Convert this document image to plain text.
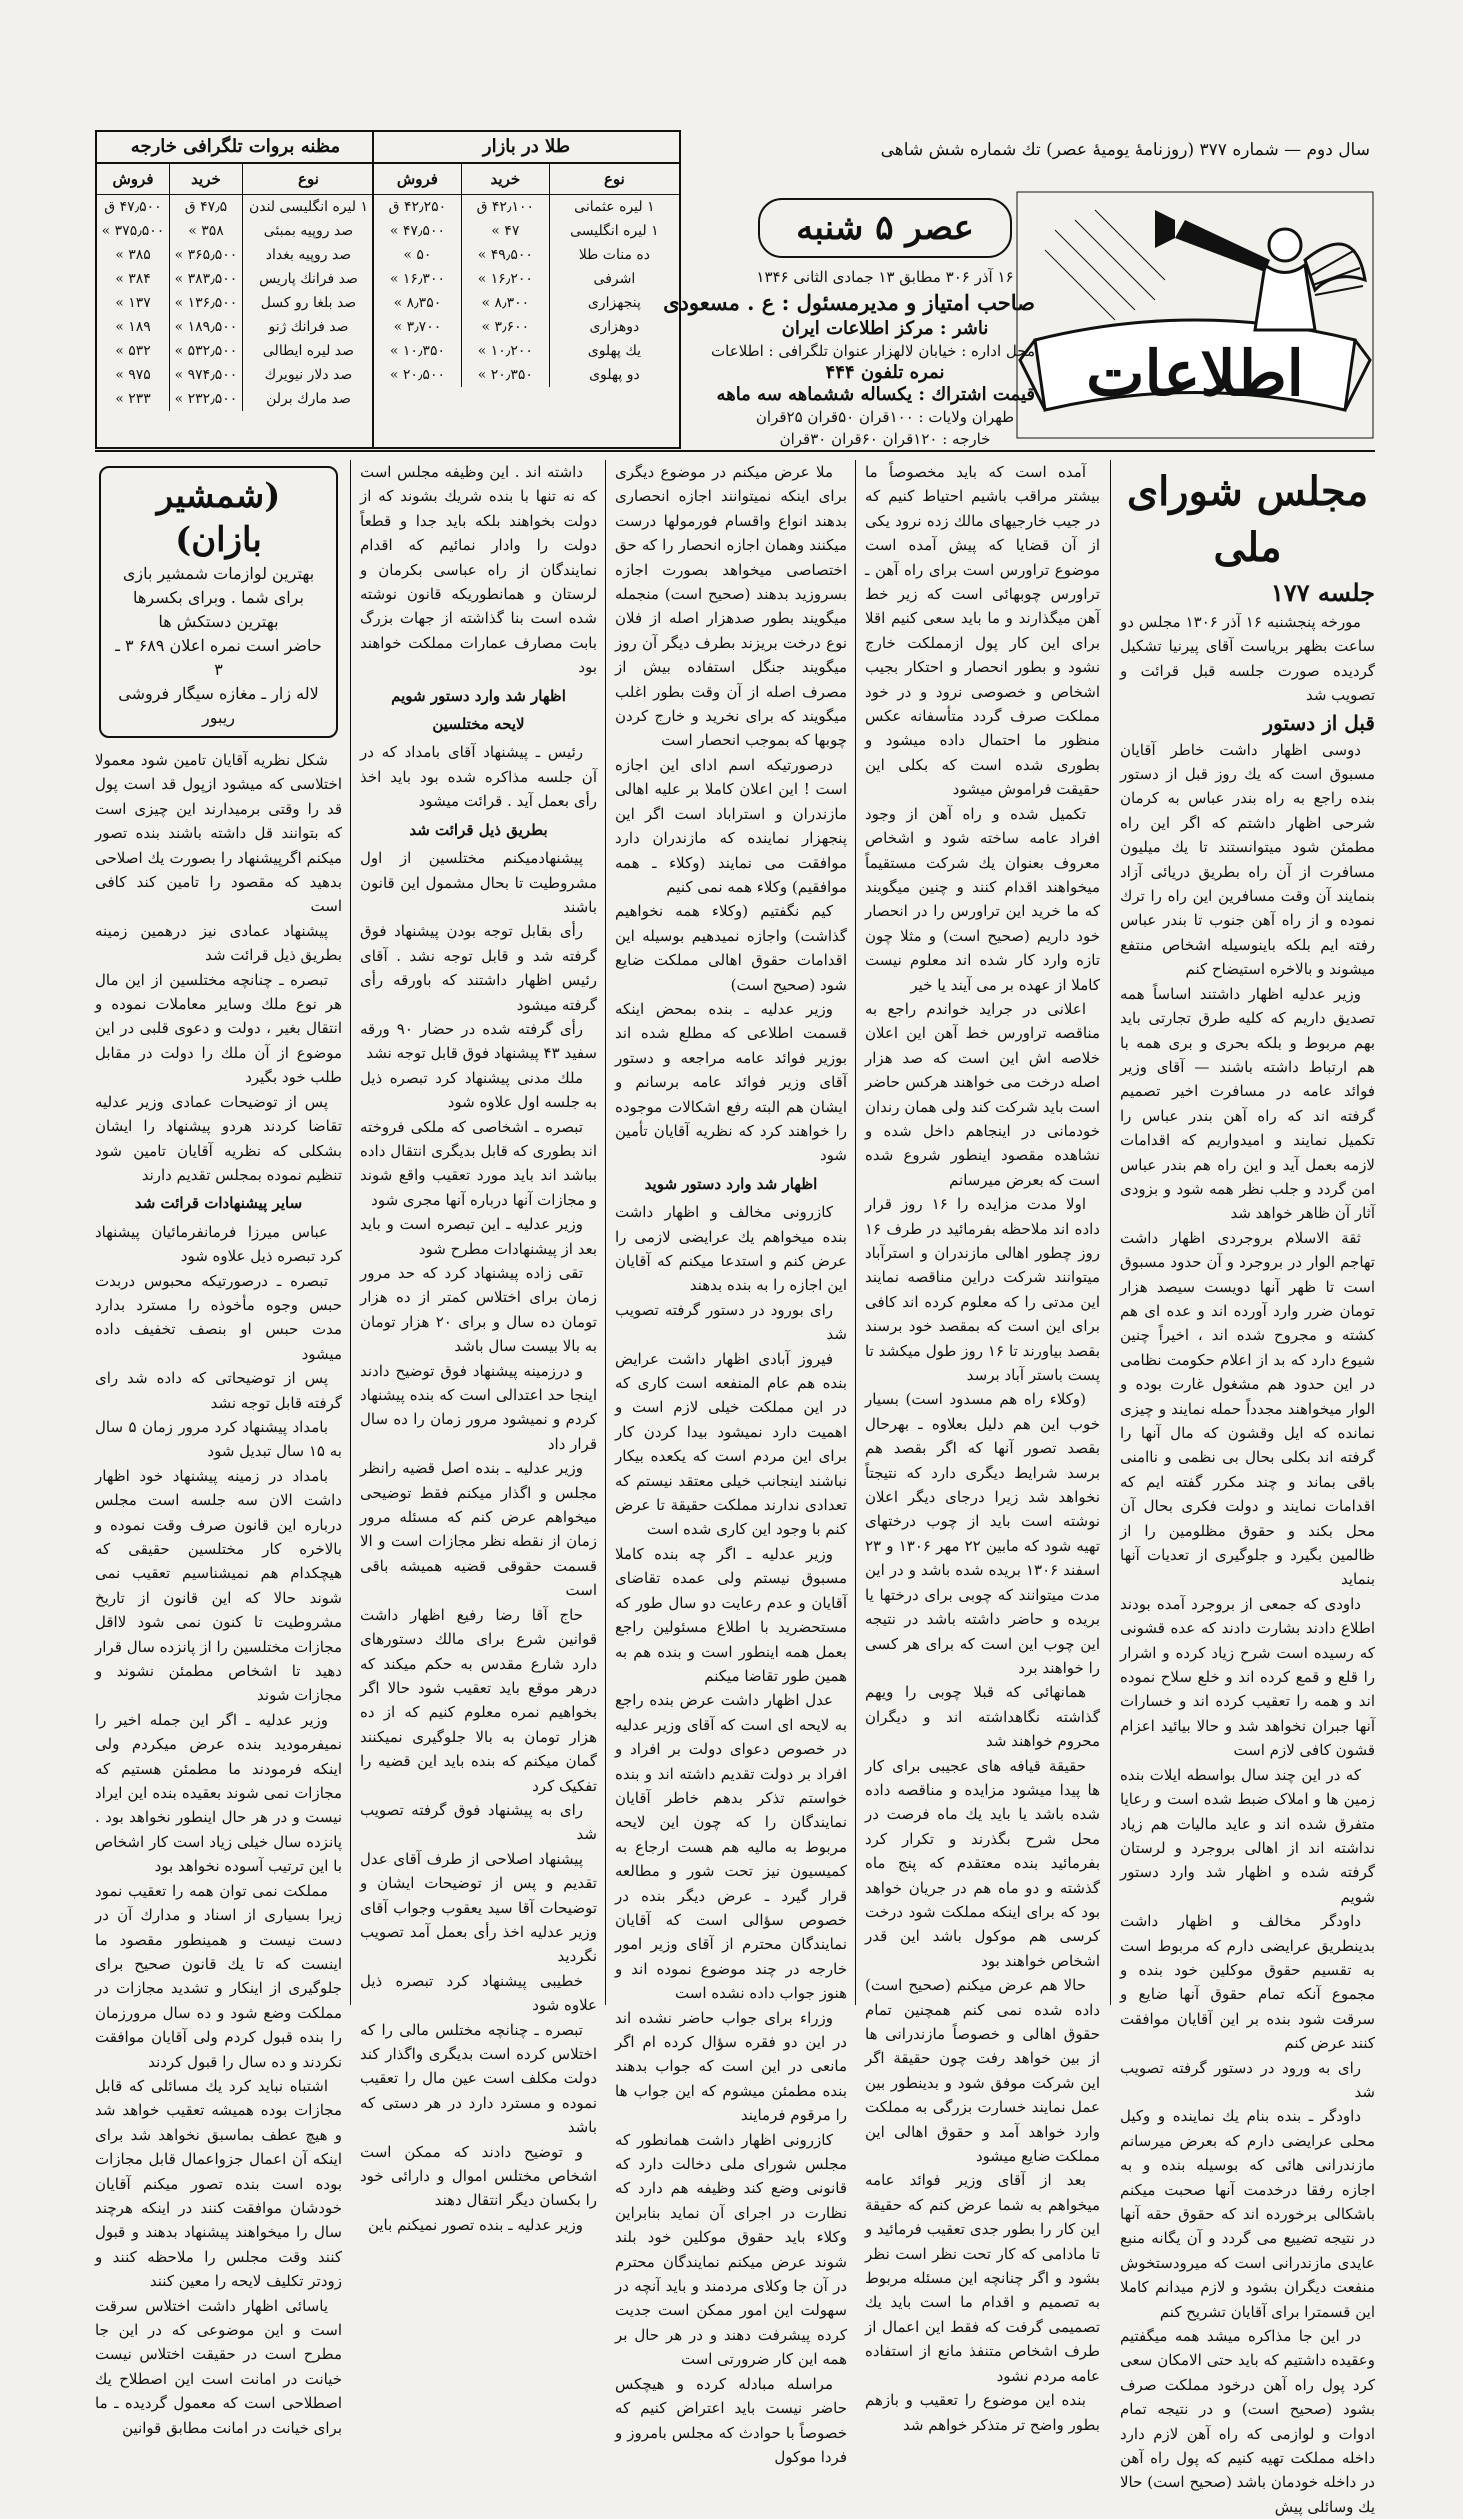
سال دوم — شماره ۳۷۷ (روزنامهٔ یومیهٔ عصر) تك شماره شش شاهی
اطلاعات
عصر ۵ شنبه
۱۶ آذر ۳۰۶ مطابق ۱۳ جمادی الثانی ۱۳۴۶
صاحب امتیاز و مدیرمسئول : ع . مسعودی
ناشر : مرکز اطلاعات ایران
محل اداره : خیابان لالهزار عنوان تلگرافی : اطلاعات
نمره تلفون ۴۴۴
قیمت اشتراك : یکساله ششماهه سه ماهه
طهران ولایات : ۱۰۰قران ۵۰قران ۲۵قران
خارجه : ۱۲۰قران ۶۰قران ۳۰قران
طلا در بازار
نوع	خرید	فروش
۱ لیره عثمانی	۴۲٫۱۰۰ ق	۴۲٫۲۵۰ ق
۱ لیره انگلیسی	۴۷ »	۴۷٫۵۰۰ »
ده منات طلا	۴۹٫۵۰۰ »	۵۰ »
اشرفی	۱۶٫۲۰۰ »	۱۶٫۳۰۰ »
پنجهزاری	۸٫۳۰۰ »	۸٫۳۵۰ »
دوهزاری	۳٫۶۰۰ »	۳٫۷۰۰ »
یك پهلوی	۱۰٫۲۰۰ »	۱۰٫۳۵۰ »
دو پهلوی	۲۰٫۳۵۰ »	۲۰٫۵۰۰ »
مظنه بروات تلگرافی خارجه
نوع	خرید	فروش
۱ لیره انگلیسی لندن	۴۷٫۵ ق	۴۷٫۵۰۰ ق
صد روپیه بمبئی	۳۵۸ »	۳۷۵٫۵۰۰ »
صد روپیه بغداد	۳۶۵٫۵۰۰ »	۳۸۵ »
صد فرانك پاریس	۳۸۳٫۵۰۰ »	۳۸۴ »
صد بلغا رو کسل	۱۳۶٫۵۰۰ »	۱۳۷ »
صد فرانك ژنو	۱۸۹٫۵۰۰ »	۱۸۹ »
صد لیره ایطالی	۵۳۲٫۵۰۰ »	۵۳۲ »
صد دلار نیویرك	۹۷۴٫۵۰۰ »	۹۷۵ »
صد مارك برلن	۲۳۲٫۵۰۰ »	۲۳۳ »
مجلس شورای ملی
جلسه ۱۷۷

مورخه پنجشنبه ۱۶ آذر ۱۳۰۶ مجلس دو ساعت بظهر بریاست آقای پیرنیا تشکیل گردیده صورت جلسه قبل قرائت و تصویب شد

قبل از دستور

دوسی اظهار داشت خاطر آقایان مسبوق است که یك روز قبل از دستور بنده راجع به راه بندر عباس به کرمان شرحی اظهار داشتم که اگر این راه مطمئن شود میتوانستند تا یك میلیون مسافرت از آن راه بطریق دریائی آزاد بنمایند آن وقت مسافرین این راه را ترك نموده و از راه آهن جنوب تا بندر عباس رفته ایم بلکه باینوسیله اشخاص منتفع میشوند و بالاخره استیضاح کنم

وزیر عدلیه اظهار داشتند اساساً همه تصدیق داریم که کلیه طرق تجارتی باید بهم مربوط و بلکه بحری و بری همه با هم ارتباط داشته باشند — آقای وزیر فوائد عامه در مسافرت اخیر تصمیم گرفته اند که راه آهن بندر عباس را تکمیل نمایند و امیدواریم که اقدامات لازمه بعمل آید و این راه هم بندر عباس امن گردد و جلب نظر همه شود و بزودی آثار آن ظاهر خواهد شد

ثقة الاسلام بروجردی اظهار داشت تهاجم الوار در بروجرد و آن حدود مسبوق است تا ظهر آنها دویست سیصد هزار تومان ضرر وارد آورده اند و عده ای هم کشته و مجروح شده اند ، اخیراً چنین شیوع دارد که بد از اعلام حکومت نظامی در این حدود هم مشغول غارت بوده و الوار میخواهند مجدداً حمله نمایند و چیزی نمانده که ایل وقشون که مال آنها را گرفته اند بکلی بحال بی نظمی و ناامنی باقی بماند و چند مکرر گفته ایم که اقدامات نمایند و دولت فکری بحال آن محل بکند و حقوق مظلومین را از ظالمین بگیرد و جلوگیری از تعدیات آنها بنماید

داودی که جمعی از بروجرد آمده بودند اطلاع دادند بشارت دادند که عده قشونی که رسیده است شرح زیاد کرده و اشرار را قلع و قمع کرده اند و خلع سلاح نموده اند و همه را تعقیب کرده اند و خسارات آنها جبران نخواهد شد و حالا بیائید اعزام قشون کافی لازم است

که در این چند سال بواسطه ایلات بنده زمین ها و املاک ضبط شده است و رعایا متفرق شده اند و عاید مالیات هم زیاد نداشته اند از اهالی بروجرد و لرستان گرفته شده و اظهار شد وارد دستور شویم

داودگر مخالف و اظهار داشت بدینطریق عرایضی دارم که مربوط است به تقسیم حقوق موکلین خود بنده و مجموع آنکه تمام حقوق آنها ضایع و سرقت شود بنده بر این آقایان موافقت کنند عرض کنم

رای به ورود در دستور گرفته تصویب شد

داودگر ـ بنده بنام یك نماینده و وکیل محلی عرایضی دارم که بعرض میرسانم مازندرانی هائی که بوسیله بنده و به اجازه رفقا درخدمت آنها صحبت میکنم باشکالی برخورده اند که حقوق حقه آنها در نتیجه تضییع می گردد و آن یگانه منبع عایدی مازندرانی است که میرودستخوش منفعت دیگران بشود و لازم میدانم کاملا این قسمترا برای آقایان تشریح کنم

در این جا مذاکره میشد همه میگفتیم وعقیده داشتیم که باید حتی الامکان سعی کرد پول راه آهن درخود مملکت صرف بشود (صحیح است) و در نتیجه تمام ادوات و لوازمی که راه آهن لازم دارد داخله مملکت تهیه کنیم که پول راه آهن در داخله خودمان باشد (صحیح است) حالا یك وسائلی پیش

آمده است که باید مخصوصاً ما بیشتر مراقب باشیم احتیاط کنیم که در جیب خارجیهای مالك زده نرود یکی از آن قضایا که پیش آمده است موضوع تراورس است برای راه آهن ـ تراورس چوبهائی است که زیر خط آهن میگذارند و ما باید سعی کنیم اقلا برای این کار پول ازمملکت خارج نشود و بطور انحصار و احتکار بجیب اشخاص و خصوصی نرود و در خود مملکت صرف گردد متأسفانه عکس منظور ما احتمال داده میشود و بطوری شده است که بکلی این حقیقت فراموش میشود

تکمیل شده و راه آهن از وجود افراد عامه ساخته شود و اشخاص معروف بعنوان یك شرکت مستقیماً میخواهند اقدام کنند و چنین میگویند که ما خرید این تراورس را در انحصار خود داریم (صحیح است) و مثلا چون تازه وارد کار شده اند معلوم نیست کاملا از عهده بر می آیند یا خیر

اعلانی در جراید خواندم راجع به مناقصه تراورس خط آهن این اعلان خلاصه اش این است که صد هزار اصله درخت می خواهند هرکس حاضر است باید شرکت کند ولی همان رندان خودمانی در اینجاهم داخل شده و نشاهده مقصود اینطور شروع شده است که بعرض میرسانم

اولا مدت مزایده را ۱۶ روز قرار داده اند ملاحظه بفرمائید در طرف ۱۶ روز چطور اهالی مازندران و استرآباد میتوانند شرکت دراین مناقصه نمایند این مدتی را که معلوم کرده اند کافی برای این است که بمقصد خود برسند بقصد بیاورند تا ۱۶ روز طول میکشد تا پست باستر آباد برسد

(وکلاء راه هم مسدود است) بسیار خوب این هم دلیل بعلاوه ـ بهرحال بقصد تصور آنها که اگر بقصد هم برسد شرایط دیگری دارد که نتیجتاً نخواهد شد زیرا درجای دیگر اعلان نوشته است باید از چوب درختهای تهیه شود که مابین ۲۲ مهر ۱۳۰۶ و ۲۳ اسفند ۱۳۰۶ بریده شده باشد و در این مدت میتوانند که چوبی برای درختها یا بریده و حاضر داشته باشد در نتیجه این چوب این است که برای هر کسی را خواهند برد

همانهائی که قبلا چوبی را ویهم گذاشته نگاهداشته اند و دیگران محروم خواهند شد

حقیقة قیافه های عجیبی برای کار ها پیدا میشود مزایده و مناقصه داده شده باشد یا باید یك ماه فرصت در محل شرح بگذرند و تکرار کرد بفرمائید بنده معتقدم که پنج ماه گذشته و دو ماه هم در جریان خواهد بود که برای اینکه مملکت شود درخت کرسی هم موکول باشد این قدر اشخاص خواهند بود

حالا هم عرض میکنم (صحیح است) داده شده نمی کنم همچنین تمام حقوق اهالی و خصوصاً مازندرانی ها از بین خواهد رفت چون حقیقة اگر این شرکت موفق شود و بدینطور بین عمل نمایند خسارت بزرگی به مملکت وارد خواهد آمد و حقوق اهالی این مملکت ضایع میشود

بعد از آقای وزیر فوائد عامه میخواهم به شما عرض کنم که حقیقة این کار را بطور جدی تعقیب فرمائید و تا مادامی که کار تحت نظر است نظر بشود و اگر چنانچه این مسئله مربوط به تصمیم و اقدام ما است باید یك تصمیمی گرفت که فقط این اعمال از طرف اشخاص متنفذ مانع از استفاده عامه مردم نشود

بنده این موضوع را تعقیب و بازهم بطور واضح تر متذکر خواهم شد

ملا عرض میکنم در موضوع دیگری برای اینکه نمیتوانند اجازه انحصاری بدهند انواع واقسام فورمولها درست میکنند وهمان اجازه انحصار را که حق اختصاصی میخواهد بصورت اجازه بسروزید بدهند (صحیح است) منجمله میگویند بطور صدهزار اصله از فلان نوع درخت بریزند بطرف دیگر آن روز میگویند جنگل استفاده بیش از مصرف اصله از آن وقت بطور اغلب میگویند که برای نخرید و خارج کردن چوبها که بموجب انحصار است

درصورتیکه اسم ادای این اجازه است ! این اعلان کاملا بر علیه اهالی مازندران و استراباد است اگر این پنجهزار نماینده که مازندران دارد موافقت می نمایند (وکلاء ـ همه موافقیم) وکلاء همه نمی کنیم

کیم نگفتیم (وکلاء همه نخواهیم گذاشت) واجازه نمیدهیم بوسیله این اقدامات حقوق اهالی مملکت ضایع شود (صحیح است)

وزیر عدلیه ـ بنده بمحض اینکه قسمت اطلاعی که مطلع شده اند بوزیر فوائد عامه مراجعه و دستور آقای وزیر فوائد عامه برسانم و ایشان هم البته رفع اشکالات موجوده را خواهند کرد که نظریه آقایان تأمین شود

اظهار شد وارد دستور شوید

کازرونی مخالف و اظهار داشت بنده میخواهم یك عرایضی لازمی را عرض کنم و استدعا میکنم که آقایان این اجازه را به بنده بدهند

رای بورود در دستور گرفته تصویب شد

فیروز آبادی اظهار داشت عرایض بنده هم عام المنفعه است کاری که در این مملکت خیلی لازم است و اهمیت دارد نمیشود بیدا کردن کار برای این مردم است که یکعده بیکار نباشند اینجانب خیلی معتقد نیستم که تعدادی ندارند مملکت حقیقة تا عرض کنم با وجود این کاری شده است

وزیر عدلیه ـ اگر چه بنده کاملا مسبوق نیستم ولی عمده تقاضای آقایان و عدم رعایت دو سال طور که مستحضرید با اطلاع مسئولین راجع بعمل همه اینطور است و بنده هم به همین طور تقاضا میکنم

عدل اظهار داشت عرض بنده راجع به لایحه ای است که آقای وزیر عدلیه در خصوص دعوای دولت بر افراد و افراد بر دولت تقدیم داشته اند و بنده خواستم تذکر بدهم خاطر آقایان نمایندگان را که چون این لایحه مربوط به مالیه هم هست ارجاع به کمیسیون نیز تحت شور و مطالعه قرار گیرد ـ عرض دیگر بنده در خصوص سؤالی است که آقایان نمایندگان محترم از آقای وزیر امور خارجه در چند موضوع نموده اند و هنوز جواب داده نشده است

وزراء برای جواب حاضر نشده اند در این دو فقره سؤال کرده ام اگر مانعی در این است که جواب بدهند بنده مطمئن میشوم که این جواب ها را مرقوم فرمایند

کازرونی اظهار داشت همانطور که مجلس شورای ملی دخالت دارد که قانونی وضع کند وظیفه هم دارد که نظارت در اجرای آن نماید بنابراین وکلاء باید حقوق موکلین خود بلند شوند عرض میکنم نمایندگان محترم در آن جا وکلای مردمند و باید آنچه در سهولت این امور ممکن است جدیت کرده پیشرفت دهند و در هر حال بر همه این کار ضرورتی است

مراسله مبادله کرده و هیچکس حاضر نیست باید اعتراض کنیم که خصوصاً با حوادث که مجلس بامروز و فردا موکول

داشته اند . این وظیفه مجلس است که نه تنها با بنده شریك بشوند که از دولت بخواهند بلکه باید جدا و قطعاً دولت را وادار نمائیم که اقدام نمایندگان از راه عباسی بکرمان و لرستان و همانطوریکه قانون نوشته شده است بنا گذاشته از جهات بزرگ بابت مصارف عمارات مملکت خواهند بود

اظهار شد وارد دستور شویم

لایحه مختلسین

رئیس ـ پیشنهاد آقای بامداد که در آن جلسه مذاکره شده بود باید اخذ رأی بعمل آید . قرائت میشود

بطریق ذیل قرائت شد

پیشنهادمیکنم مختلسین از اول مشروطیت تا بحال مشمول این قانون باشند

رأی بقابل توجه بودن پیشنهاد فوق گرفته شد و قابل توجه نشد . آقای رئیس اظهار داشتند که باورقه رأی گرفته میشود

رأی گرفته شده در حضار ۹۰ ورقه سفید ۴۳ پیشنهاد فوق قابل توجه نشد

ملك مدنی پیشنهاد کرد تبصره ذیل به جلسه اول علاوه شود

تبصره ـ اشخاصی که ملکی فروخته اند بطوری که قابل بدیگری انتقال داده بباشد اند باید مورد تعقیب واقع شوند و مجازات آنها درباره آنها مجری شود

وزیر عدلیه ـ این تبصره است و باید بعد از پیشنهادات مطرح شود

تقی زاده پیشنهاد کرد که حد مرور زمان برای اختلاس کمتر از ده هزار تومان ده سال و برای ۲۰ هزار تومان به بالا بیست سال باشد

و درزمینه پیشنهاد فوق توضیح دادند اینجا حد اعتدالی است که بنده پیشنهاد کردم و نمیشود مرور زمان را ده سال قرار داد

وزیر عدلیه ـ بنده اصل قضیه رانظر مجلس و اگذار میکنم فقط توضیحی میخواهم عرض کنم که مسئله مرور زمان از نقطه نظر مجازات است و الا قسمت حقوقی قضیه همیشه باقی است

حاج آقا رضا رفیع اظهار داشت قوانین شرع برای مالك دستورهای دارد شارع مقدس به حکم میکند که درهر موقع باید تعقیب شود حالا اگر بخواهیم نمره معلوم کنیم که از ده هزار تومان به بالا جلوگیری نمیکنند گمان میکنم که بنده باید این قضیه را تفکیک کرد

رای به پیشنهاد فوق گرفته تصویب شد

پیشنهاد اصلاحی از طرف آقای عدل تقدیم و پس از توضیحات ایشان و توضیحات آقا سید یعقوب وجواب آقای وزیر عدلیه اخذ رأی بعمل آمد تصویب نگردید

خطیبی پیشنهاد کرد تبصره ذیل علاوه شود

تبصره ـ چنانچه مختلس مالی را که اختلاس کرده است بدیگری واگذار کند دولت مکلف است عین مال را تعقیب نموده و مسترد دارد در هر دستی که باشد

و توضیح دادند که ممکن است اشخاص مختلس اموال و دارائی خود را بکسان دیگر انتقال دهند

وزیر عدلیه ـ بنده تصور نمیکنم باین

(شمشیر بازان)
بهترین لوازمات شمشیر بازی برای شما . وبرای بکسرها بهترین دستکش ها
حاضر است نمره اعلان ۶۸۹ ۳ ـ ۳
لاله زار ـ مغازه سیگار فروشی ریبور

شکل نظریه آقایان تامین شود معمولا اختلاسی که میشود ازپول قد است پول قد را وقتی برمیدارند این چیزی است که بتوانند قل داشته باشند بنده تصور میکنم اگرپیشنهاد را بصورت یك اصلاحی بدهید که مقصود را تامین کند کافی است

پیشنهاد عمادی نیز درهمین زمینه بطریق ذیل قرائت شد

تبصره ـ چنانچه مختلسین از این مال هر نوع ملك وسایر معاملات نموده و انتقال بغیر ، دولت و دعوی قلبی در این موضوع از آن ملك را دولت در مقابل طلب خود بگیرد

پس از توضیحات عمادی وزیر عدلیه تقاضا کردند هردو پیشنهاد را ایشان بشکلی که نظریه آقایان تامین شود تنظیم نموده بمجلس تقدیم دارند

سایر پیشنهادات قرائت شد

عباس میرزا فرمانفرمائیان پیشنهاد کرد تبصره ذیل علاوه شود

تبصره ـ درصورتیکه محبوس دربدت حبس وجوه مأخوذه را مسترد بدارد مدت حبس او بنصف تخفیف داده میشود

پس از توضیحاتی که داده شد رای گرفته قابل توجه نشد

بامداد پیشنهاد کرد مرور زمان ۵ سال به ۱۵ سال تبدیل شود

بامداد در زمینه پیشنهاد خود اظهار داشت الان سه جلسه است مجلس درباره این قانون صرف وقت نموده و بالاخره کار مختلسین حقیقی که هیچکدام هم نمیشناسیم تعقیب نمی شوند حالا که این قانون از تاریخ مشروطیت تا کنون نمی شود لااقل مجازات مختلسین را از پانزده سال قرار دهید تا اشخاص مطمئن نشوند و مجازات شوند

وزیر عدلیه ـ اگر این جمله اخیر را نمیفرمودید بنده عرض میکردم ولی اینکه فرمودند ما مطمئن هستیم که مجازات نمی شوند بعقیده بنده این ایراد نیست و در هر حال اینطور نخواهد بود . پانزده سال خیلی زیاد است کار اشخاص با این ترتیب آسوده نخواهد بود

مملکت نمی توان همه را تعقیب نمود زیرا بسیاری از اسناد و مدارك آن در دست نیست و همینطور مقصود ما اینست که تا یك قانون صحیح برای جلوگیری از اینکار و تشدید مجازات در مملکت وضع شود و ده سال مرورزمان را بنده قبول کردم ولی آقایان موافقت نکردند و ده سال را قبول کردند

اشتباه نباید کرد یك مسائلی که قابل مجازات بوده همیشه تعقیب خواهد شد و هیچ عطف بماسبق نخواهد شد برای اینکه آن اعمال جزواعمال قابل مجازات بوده است بنده تصور میکنم آقایان خودشان موافقت کنند در اینکه هرچند سال را میخواهند پیشنهاد بدهند و قبول کنند وقت مجلس را ملاحظه کنند و زودتر تکلیف لایحه را معین کنند

یاسائی اظهار داشت اختلاس سرقت است و این موضوعی که در این جا مطرح است در حقیقت اختلاس نیست خیانت در امانت است این اصطلاح یك اصطلاحی است که معمول گردیده ـ ما برای خیانت در امانت مطابق قوانین
